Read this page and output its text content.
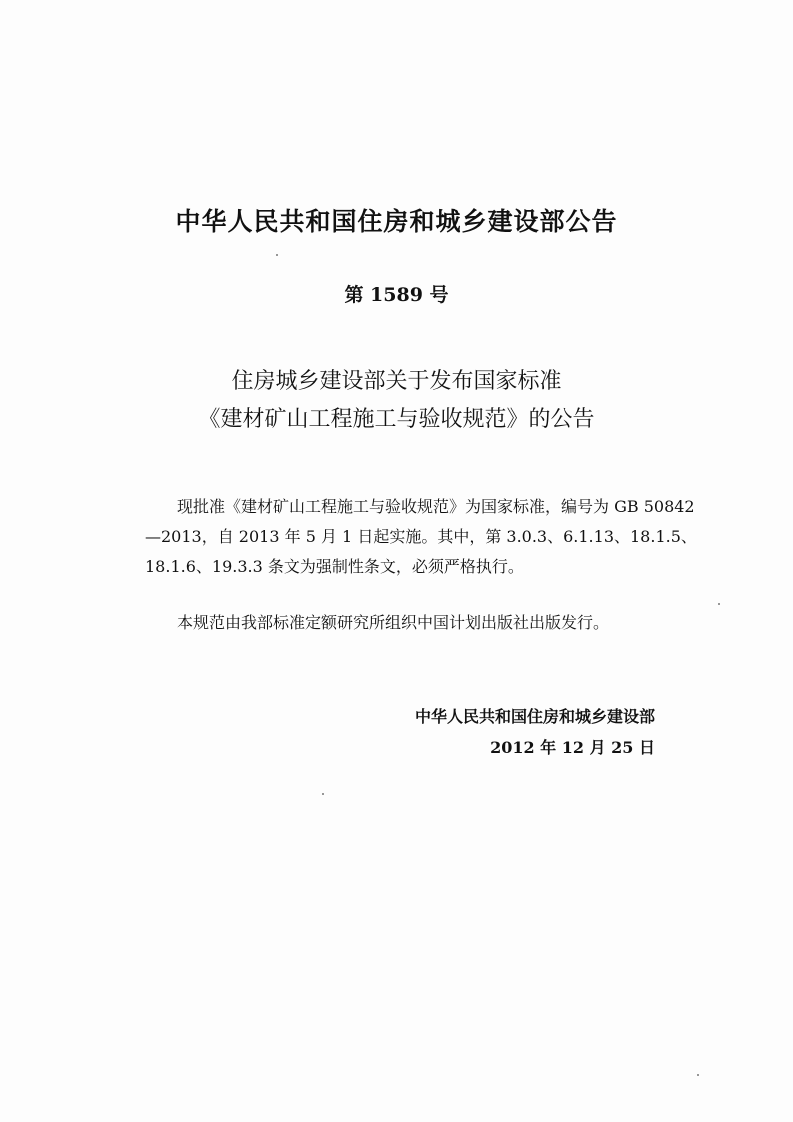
中华人民共和国住房和城乡建设部公告
第 1589 号
住房城乡建设部关于发布国家标准
《建材矿山工程施工与验收规范》的公告
现批准《建材矿山工程施工与验收规范》为国家标准，编号为 GB 50842—2013，自 2013 年 5 月 1 日起实施。其中，第 3.0.3、6.1.13、18.1.5、18.1.6、19.3.3 条文为强制性条文，必须严格执行。
本规范由我部标准定额研究所组织中国计划出版社出版发行。
中华人民共和国住房和城乡建设部
2012 年 12 月 25 日
